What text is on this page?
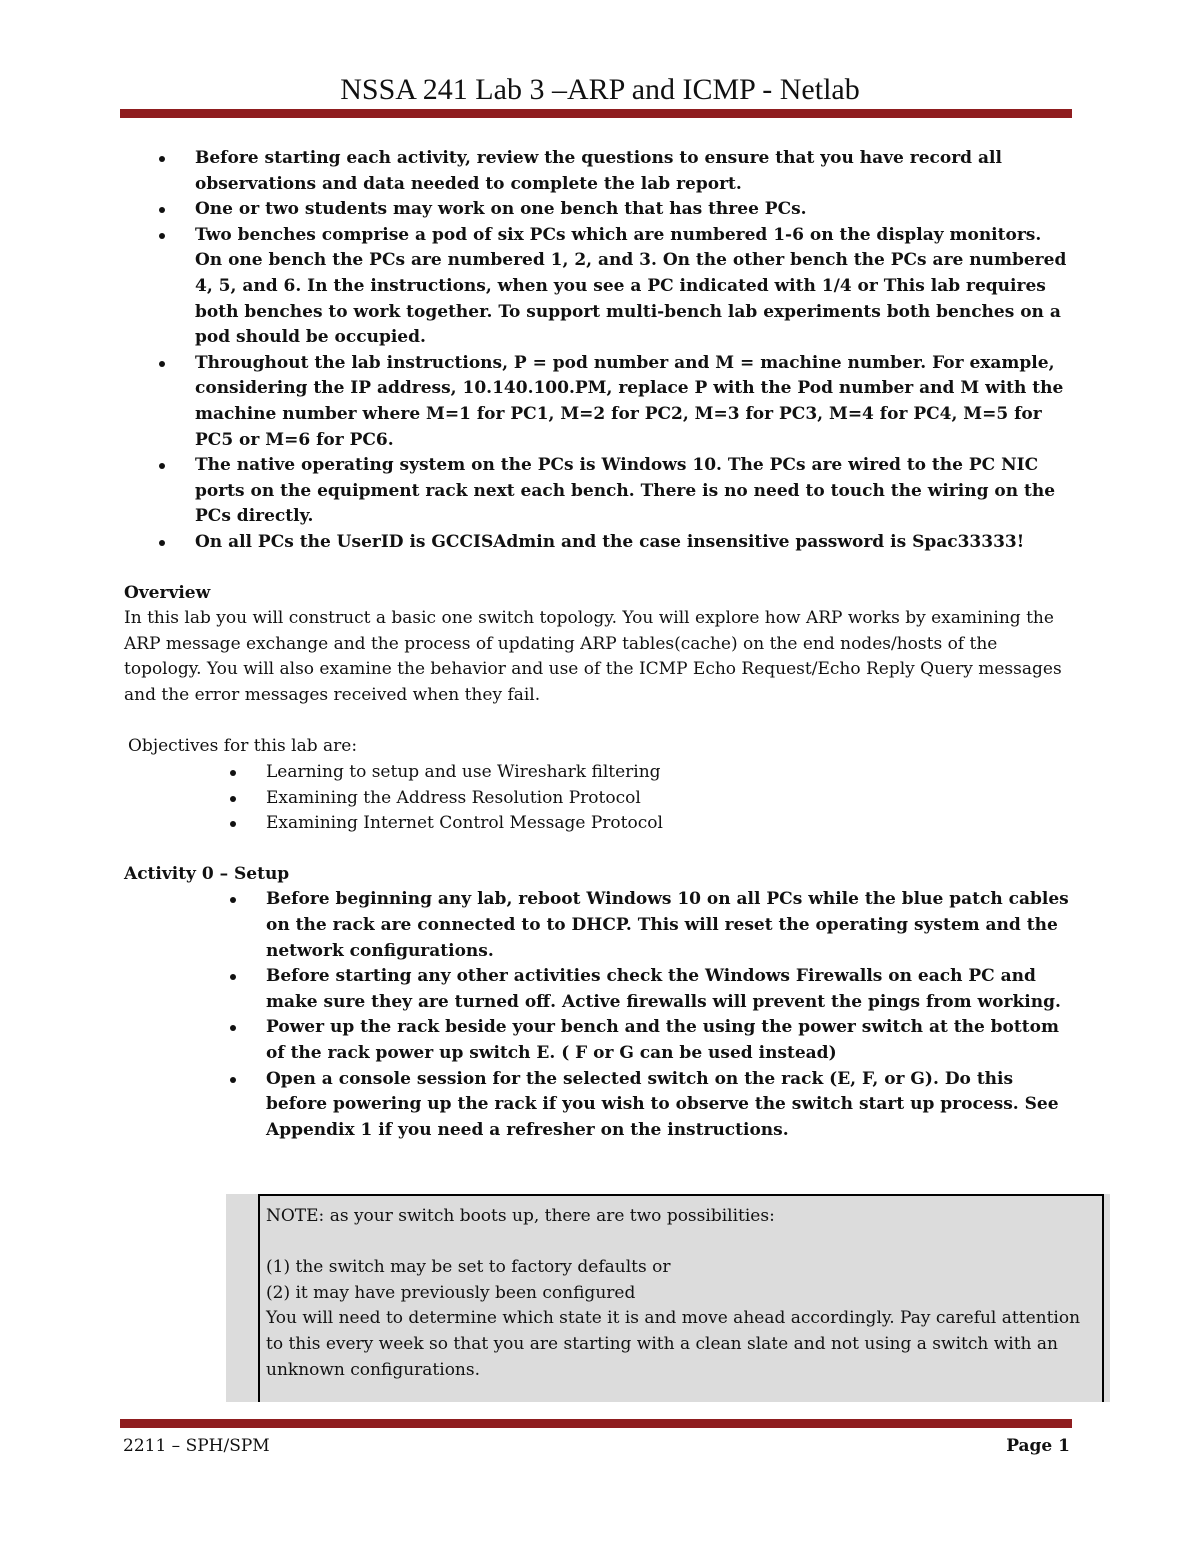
NSSA 241 Lab 3 –ARP and ICMP - Netlab
Before starting each activity, review the questions to ensure that you have record all observations and data needed to complete the lab report.
One or two students may work on one bench that has three PCs.
Two benches comprise a pod of six PCs which are numbered 1-6 on the display monitors. On one bench the PCs are numbered 1, 2, and 3. On the other bench the PCs are numbered 4, 5, and 6. In the instructions, when you see a PC indicated with 1/4 or This lab requires both benches to work together. To support multi-bench lab experiments both benches on a pod should be occupied.
Throughout the lab instructions, P = pod number and M = machine number. For example, considering the IP address, 10.140.100.PM, replace P with the Pod number and M with the machine number where M=1 for PC1, M=2 for PC2, M=3 for PC3, M=4 for PC4, M=5 for PC5 or M=6 for PC6.
The native operating system on the PCs is Windows 10. The PCs are wired to the PC NIC ports on the equipment rack next each bench. There is no need to touch the wiring on the PCs directly.
On all PCs the UserID is GCCISAdmin and the case insensitive password is Spac33333!
Overview

In this lab you will construct a basic one switch topology. You will explore how ARP works by examining the ARP message exchange and the process of updating ARP tables(cache) on the end nodes/hosts of the topology. You will also examine the behavior and use of the ICMP Echo Request/Echo Reply Query messages and the error messages received when they fail.

Objectives for this lab are:
Learning to setup and use Wireshark filtering
Examining the Address Resolution Protocol
Examining Internet Control Message Protocol
Activity 0 – Setup
Before beginning any lab, reboot Windows 10 on all PCs while the blue patch cables on the rack are connected to to DHCP. This will reset the operating system and the network configurations.
Before starting any other activities check the Windows Firewalls on each PC and make sure they are turned off. Active firewalls will prevent the pings from working.
Power up the rack beside your bench and the using the power switch at the bottom of the rack power up switch E. ( F or G can be used instead)
Open a console session for the selected switch on the rack (E, F, or G). Do this before powering up the rack if you wish to observe the switch start up process. See Appendix 1 if you need a refresher on the instructions.

NOTE: as your switch boots up, there are two possibilities:

(1) the switch may be set to factory defaults or

(2) it may have previously been configured

You will need to determine which state it is and move ahead accordingly. Pay careful attention to this every week so that you are starting with a clean slate and not using a switch with an unknown configurations.

2211 – SPH/SPM	Page 1
